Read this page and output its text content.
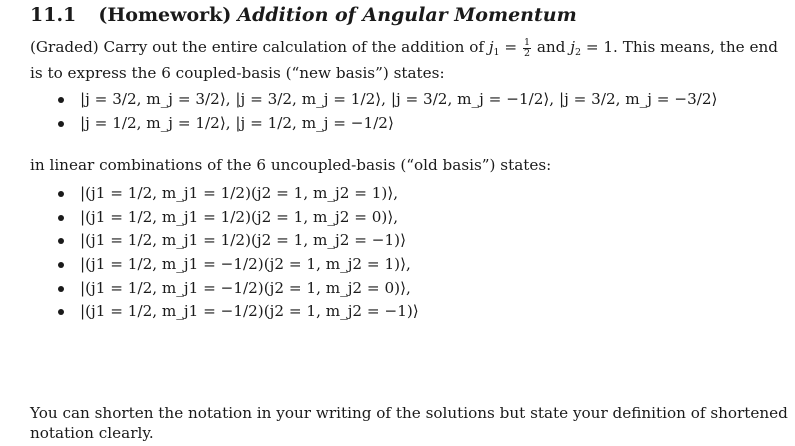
11.1 (Homework) Addition of Angular Momentum
(Graded) Carry out the entire calculation of the addition of $j_1 = \frac{1}{2}$ and $j_2 = 1$. This means, the end is to express the 6 coupled-basis (“new basis”) states:
|j = 3/2, m_j = 3/2⟩, |j = 3/2, m_j = 1/2⟩, |j = 3/2, m_j = −1/2⟩, |j = 3/2, m_j = −3/2⟩
|j = 1/2, m_j = 1/2⟩, |j = 1/2, m_j = −1/2⟩
in linear combinations of the 6 uncoupled-basis (“old basis”) states:
|(j1 = 1/2, m_j1 = 1/2)(j2 = 1, m_j2 = 1)⟩,
|(j1 = 1/2, m_j1 = 1/2)(j2 = 1, m_j2 = 0)⟩,
|(j1 = 1/2, m_j1 = 1/2)(j2 = 1, m_j2 = −1)⟩
|(j1 = 1/2, m_j1 = −1/2)(j2 = 1, m_j2 = 1)⟩,
|(j1 = 1/2, m_j1 = −1/2)(j2 = 1, m_j2 = 0)⟩,
|(j1 = 1/2, m_j1 = −1/2)(j2 = 1, m_j2 = −1)⟩
You can shorten the notation in your writing of the solutions but state your definition of shortened notation clearly.
